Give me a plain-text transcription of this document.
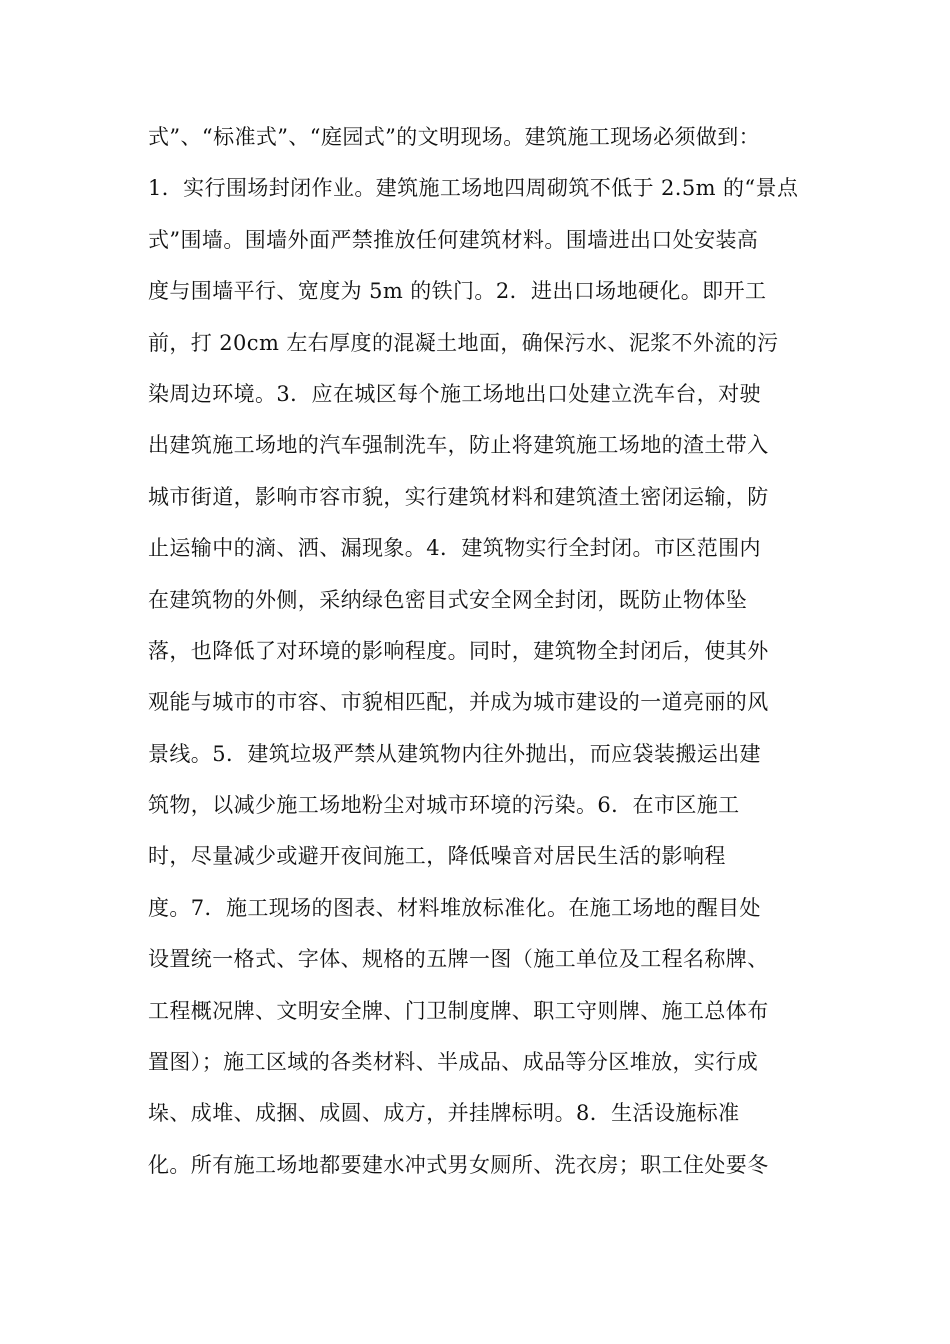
式”、“标准式”、“庭园式”的文明现场。建筑施工现场必须做到：
1．实行围场封闭作业。建筑施工场地四周砌筑不低于 2.5m 的“景点
式”围墙。围墙外面严禁推放任何建筑材料。围墙进出口处安装高
度与围墙平行、宽度为 5m 的铁门。2．进出口场地硬化。即开工
前，打 20cm 左右厚度的混凝土地面，确保污水、泥浆不外流的污
染周边环境。3．应在城区每个施工场地出口处建立洗车台，对驶
出建筑施工场地的汽车强制洗车，防止将建筑施工场地的渣土带入
城市街道，影响市容市貌，实行建筑材料和建筑渣土密闭运输，防
止运输中的滴、洒、漏现象。4．建筑物实行全封闭。市区范围内
在建筑物的外侧，采纳绿色密目式安全网全封闭，既防止物体坠
落，也降低了对环境的影响程度。同时，建筑物全封闭后，使其外
观能与城市的市容、市貌相匹配，并成为城市建设的一道亮丽的风
景线。5．建筑垃圾严禁从建筑物内往外抛出，而应袋装搬运出建
筑物，以减少施工场地粉尘对城市环境的污染。6．在市区施工
时，尽量减少或避开夜间施工，降低噪音对居民生活的影响程
度。7．施工现场的图表、材料堆放标准化。在施工场地的醒目处
设置统一格式、字体、规格的五牌一图（施工单位及工程名称牌、
工程概况牌、文明安全牌、门卫制度牌、职工守则牌、施工总体布
置图）；施工区域的各类材料、半成品、成品等分区堆放，实行成
垛、成堆、成捆、成圆、成方，并挂牌标明。8．生活设施标准
化。所有施工场地都要建水冲式男女厕所、洗衣房；职工住处要冬
